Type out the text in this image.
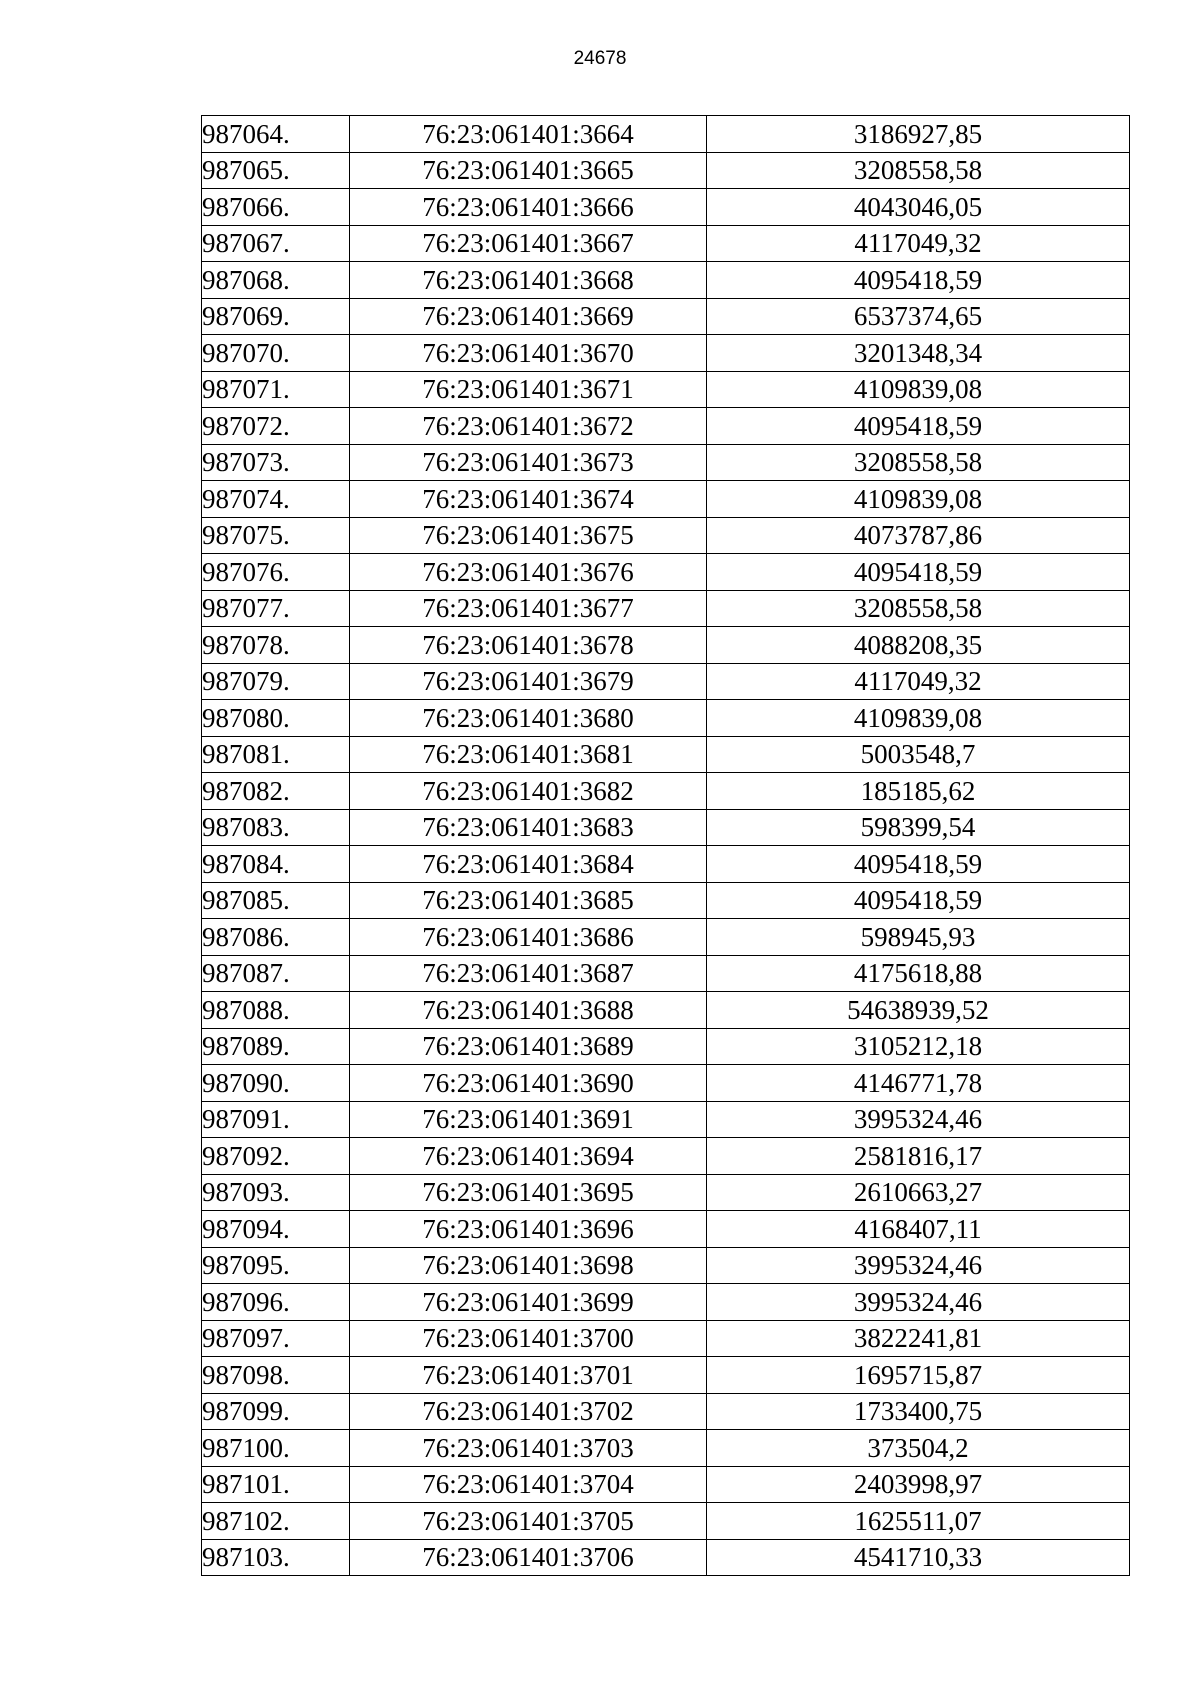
24678
987064.	76:23:061401:3664	3186927,85
987065.	76:23:061401:3665	3208558,58
987066.	76:23:061401:3666	4043046,05
987067.	76:23:061401:3667	4117049,32
987068.	76:23:061401:3668	4095418,59
987069.	76:23:061401:3669	6537374,65
987070.	76:23:061401:3670	3201348,34
987071.	76:23:061401:3671	4109839,08
987072.	76:23:061401:3672	4095418,59
987073.	76:23:061401:3673	3208558,58
987074.	76:23:061401:3674	4109839,08
987075.	76:23:061401:3675	4073787,86
987076.	76:23:061401:3676	4095418,59
987077.	76:23:061401:3677	3208558,58
987078.	76:23:061401:3678	4088208,35
987079.	76:23:061401:3679	4117049,32
987080.	76:23:061401:3680	4109839,08
987081.	76:23:061401:3681	5003548,7
987082.	76:23:061401:3682	185185,62
987083.	76:23:061401:3683	598399,54
987084.	76:23:061401:3684	4095418,59
987085.	76:23:061401:3685	4095418,59
987086.	76:23:061401:3686	598945,93
987087.	76:23:061401:3687	4175618,88
987088.	76:23:061401:3688	54638939,52
987089.	76:23:061401:3689	3105212,18
987090.	76:23:061401:3690	4146771,78
987091.	76:23:061401:3691	3995324,46
987092.	76:23:061401:3694	2581816,17
987093.	76:23:061401:3695	2610663,27
987094.	76:23:061401:3696	4168407,11
987095.	76:23:061401:3698	3995324,46
987096.	76:23:061401:3699	3995324,46
987097.	76:23:061401:3700	3822241,81
987098.	76:23:061401:3701	1695715,87
987099.	76:23:061401:3702	1733400,75
987100.	76:23:061401:3703	373504,2
987101.	76:23:061401:3704	2403998,97
987102.	76:23:061401:3705	1625511,07
987103.	76:23:061401:3706	4541710,33
